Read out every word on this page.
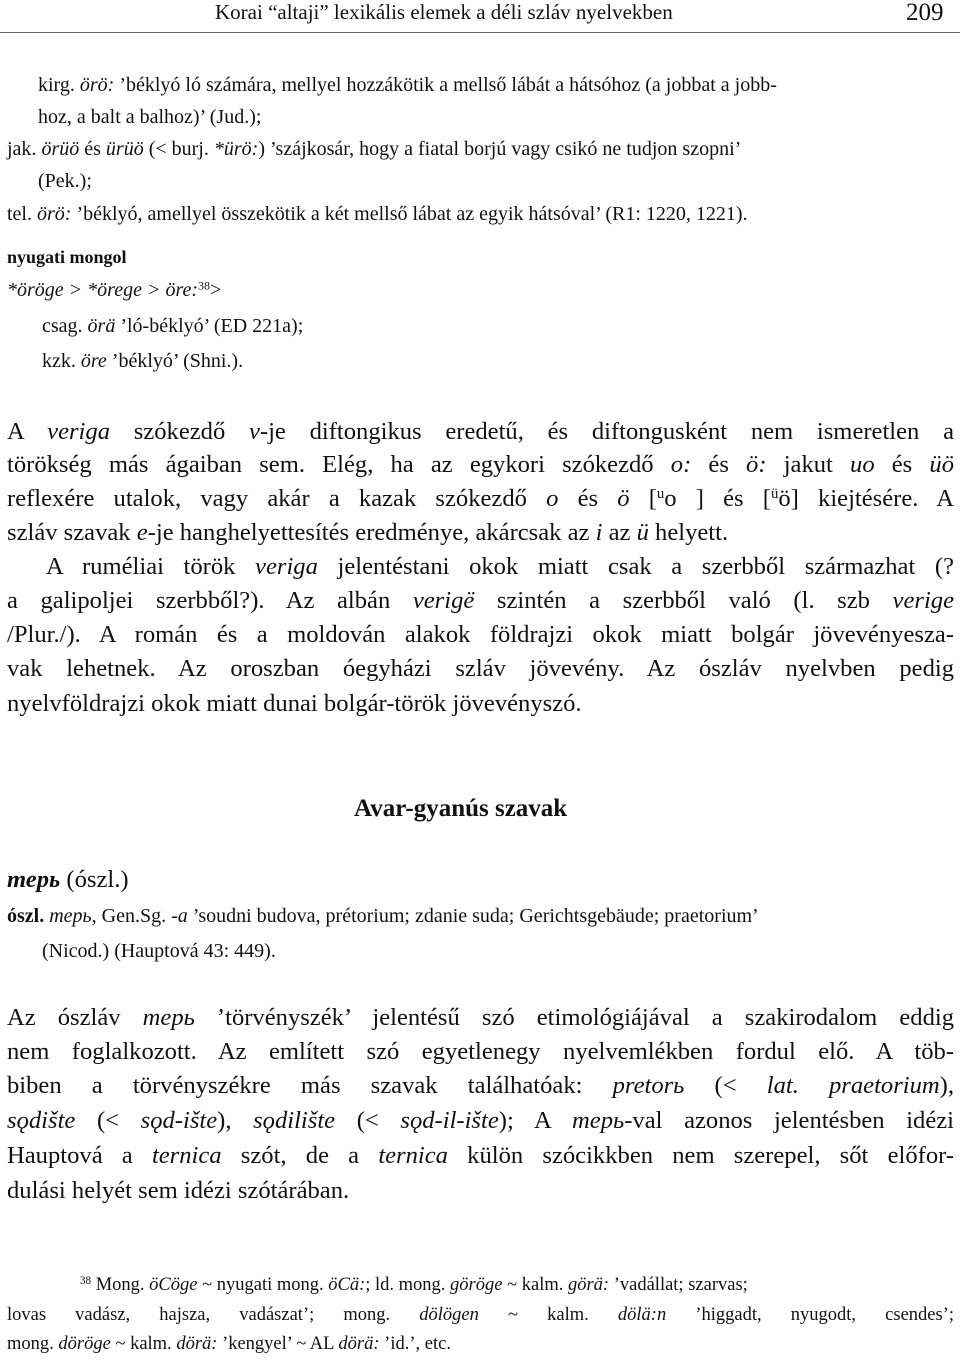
Korai “altaji” lexikális elemek a déli szláv nyelvekben	209
kirg. örö: ’béklyó ló számára, mellyel hozzákötik a mellső lábát a hátsóhoz (a jobbat a jobb-
hoz, a balt a balhoz)’ (Jud.);
jak. örüö és ürüö (< burj. *ürö:) ’szájkosár, hogy a fiatal borjú vagy csikó ne tudjon szopni’
(Pek.);
tel. örö: ’béklyó, amellyel összekötik a két mellső lábat az egyik hátsóval’ (R1: 1220, 1221).
nyugati mongol
*öröge > *örege > öre:$^{38}$>
csag. örä ’ló-béklyó’ (ED 221a);
kzk. öre ’béklyó’ (Shni.).
A veriga szókezdő v-je diftongikus eredetű, és diftongusként nem ismeretlen a
törökség más ágaiban sem. Elég, ha az egykori szókezdő o: és ö: jakut uo és üö
reflexére utalok, vagy akár a kazak szókezdő o és ö [$^u$o ] és [$^ü$ö] kiejtésére. A
szláv szavak e-je hanghelyettesítés eredménye, akárcsak az i az ü helyett.
A ruméliai török veriga jelentéstani okok miatt csak a szerbből származhat (?
a galipoljei szerbből?). Az albán verigë szintén a szerbből való (l. szb verige
/Plur./). A román és a moldován alakok földrajzi okok miatt bolgár jövevényesza-
vak lehetnek. Az oroszban óegyházi szláv jövevény. Az ószláv nyelvben pedig
nyelvföldrajzi okok miatt dunai bolgár-török jövevényszó.
Avar-gyanús szavak
терь (ószl.)
ószl. терь, Gen.Sg. -a ’soudni budova, prétorium; zdanie suda; Gerichtsgebäude; praetorium’
(Nicod.) (Hauptová 43: 449).
Az ószláv терь ’törvényszék’ jelentésű szó etimológiájával a szakirodalom eddig
nem foglalkozott. Az említett szó egyetlenegy nyelvemlékben fordul elő. A töb-
biben a törvényszékre más szavak találhatóak: pretorь (< lat. praetorium),
sǫdište (< sǫd-ište), sǫdilište (< sǫd-il-ište); A терь-val azonos jelentésben idézi
Hauptová a ternica szót, de a ternica külön szócikkben nem szerepel, sőt előfor-
dulási helyét sem idézi szótárában.
$^{38}$ Mong. öCöge ~ nyugati mong. öCä:; ld. mong. göröge ~ kalm. görä: ’vadállat; szarvas;
lovas vadász, hajsza, vadászat’; mong. dölögen ~ kalm. dölä:n ’higgadt, nyugodt, csendes’;
mong. döröge ~ kalm. dörä: ’kengyel’ ~ AL dörä: ’id.’, etc.
